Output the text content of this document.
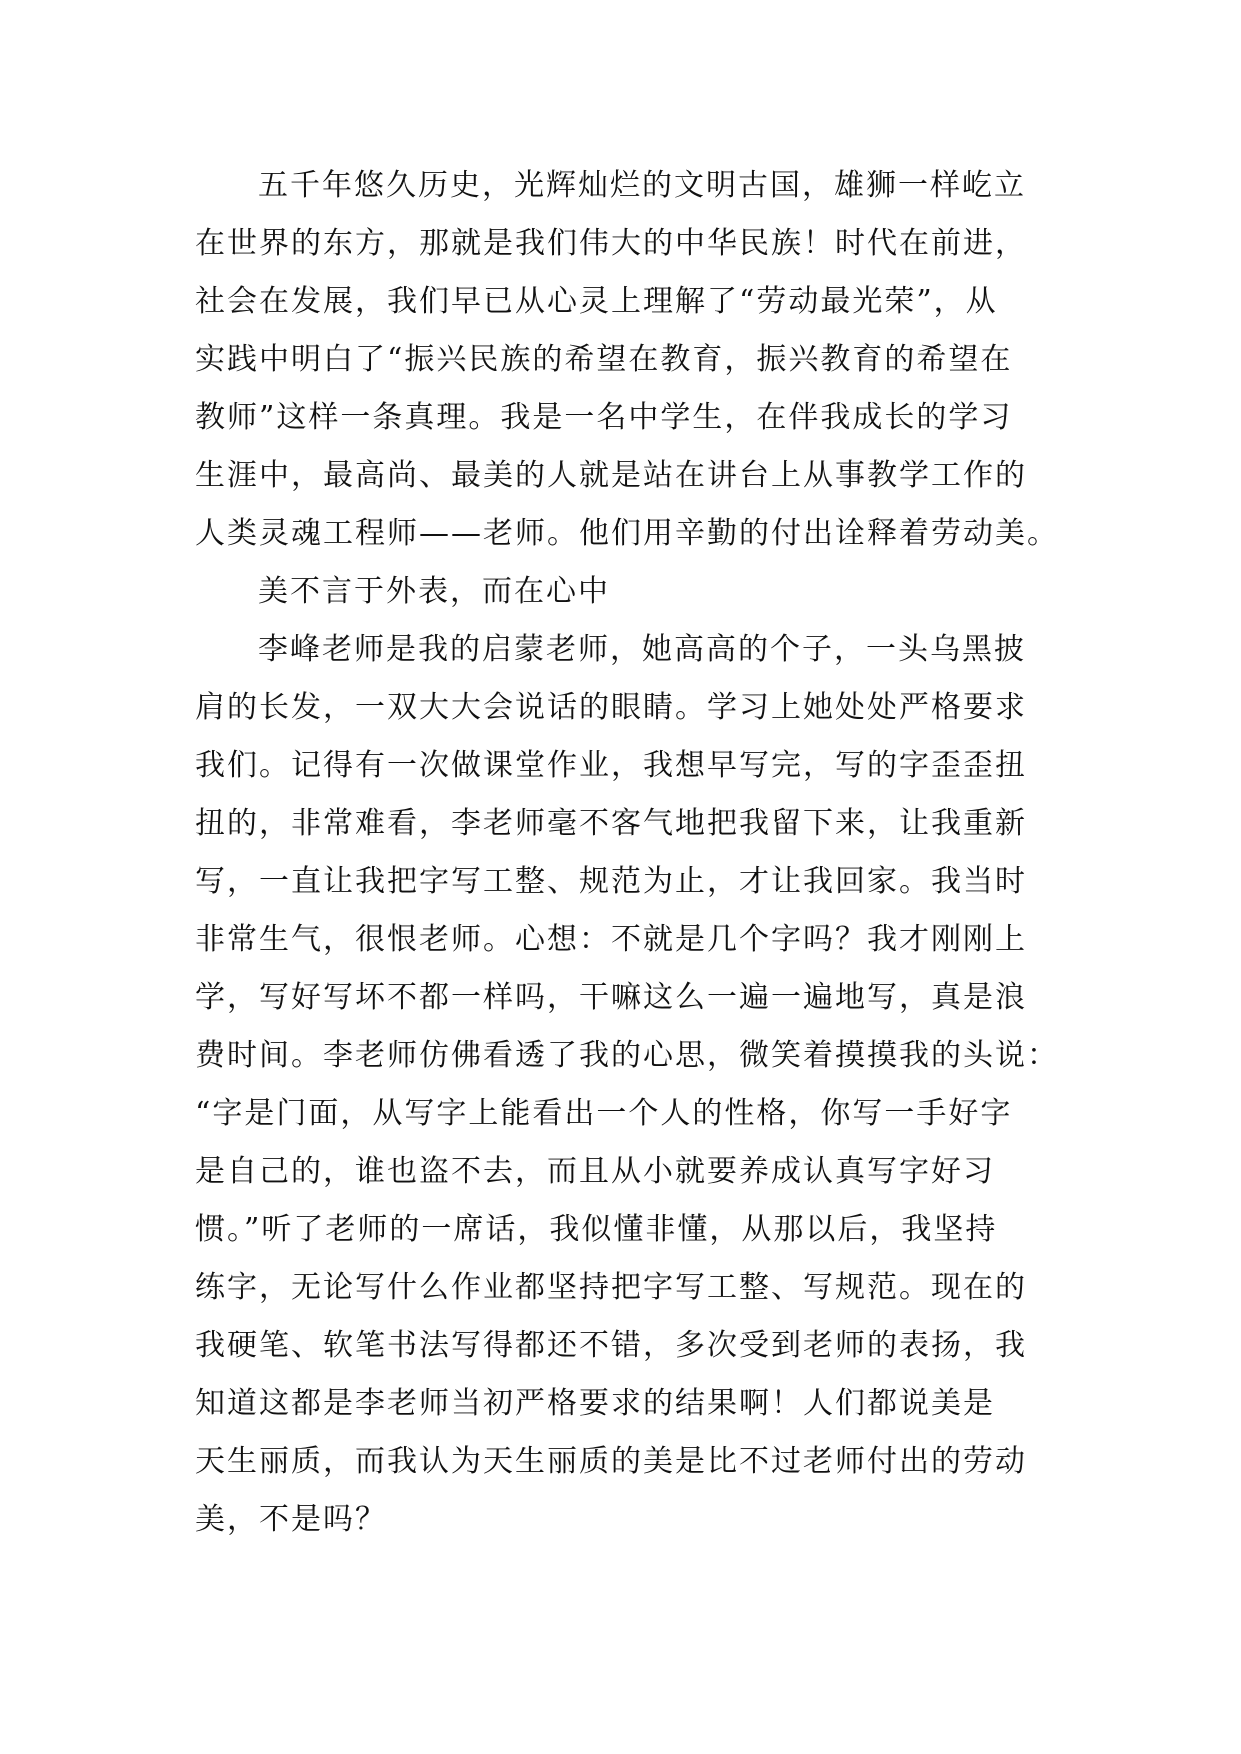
五千年悠久历史，光辉灿烂的文明古国，雄狮一样屹立

在世界的东方，那就是我们伟大的中华民族！时代在前进，

社会在发展，我们早已从心灵上理解了“劳动最光荣”，从

实践中明白了“振兴民族的希望在教育，振兴教育的希望在

教师”这样一条真理。我是一名中学生，在伴我成长的学习

生涯中，最高尚、最美的人就是站在讲台上从事教学工作的

人类灵魂工程师——老师。他们用辛勤的付出诠释着劳动美。

美不言于外表，而在心中

李峰老师是我的启蒙老师，她高高的个子，一头乌黑披

肩的长发，一双大大会说话的眼睛。学习上她处处严格要求

我们。记得有一次做课堂作业，我想早写完，写的字歪歪扭

扭的，非常难看，李老师毫不客气地把我留下来，让我重新

写，一直让我把字写工整、规范为止，才让我回家。我当时

非常生气，很恨老师。心想：不就是几个字吗？我才刚刚上

学，写好写坏不都一样吗，干嘛这么一遍一遍地写，真是浪

费时间。李老师仿佛看透了我的心思，微笑着摸摸我的头说：

“字是门面，从写字上能看出一个人的性格，你写一手好字

是自己的，谁也盗不去，而且从小就要养成认真写字好习

惯。”听了老师的一席话，我似懂非懂，从那以后，我坚持

练字，无论写什么作业都坚持把字写工整、写规范。现在的

我硬笔、软笔书法写得都还不错，多次受到老师的表扬，我

知道这都是李老师当初严格要求的结果啊！人们都说美是

天生丽质，而我认为天生丽质的美是比不过老师付出的劳动

美，不是吗？
